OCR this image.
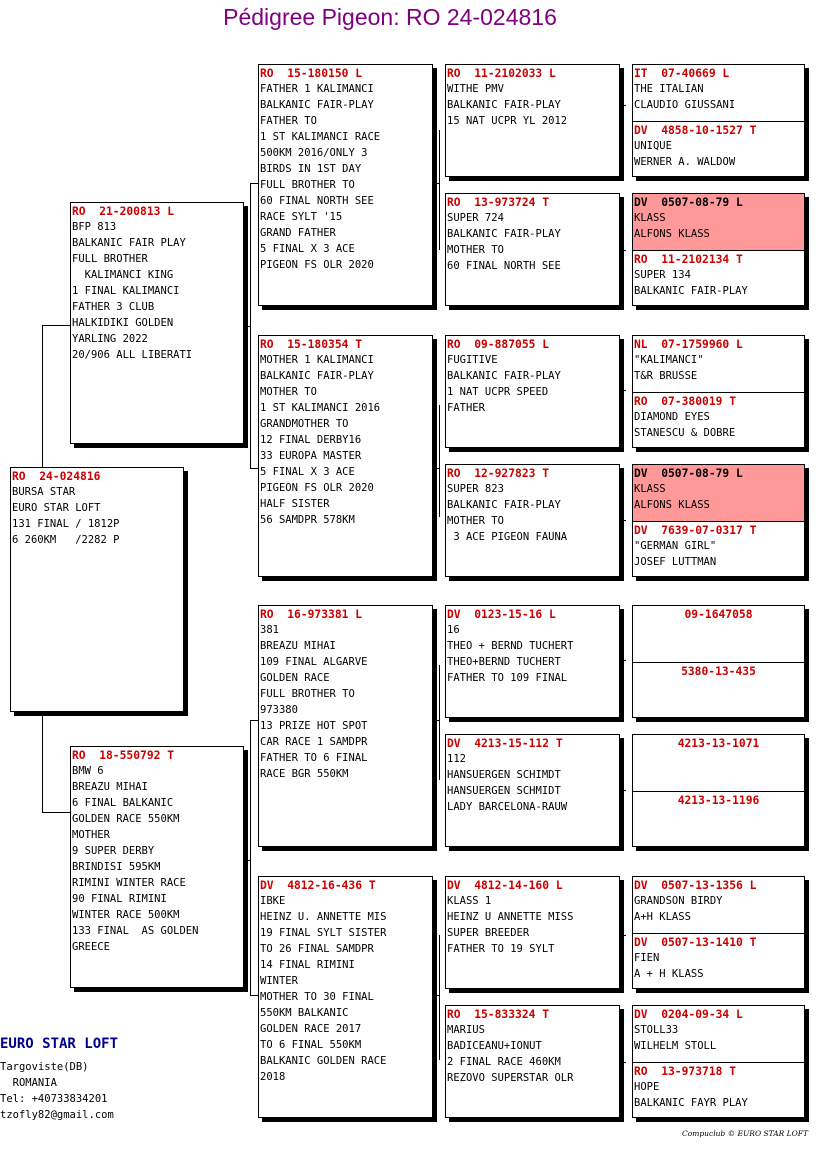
Pédigree Pigeon: RO 24-024816
RO  24-024816
BURSA STAR
EURO STAR LOFT
131 FINAL / 1812P
6 260KM   /2282 P
RO  21-200813 L
BFP 813
BALKANIC FAIR PLAY
FULL BROTHER
KALIMANCI KING
1 FINAL KALIMANCI
FATHER 3 CLUB
HALKIDIKI GOLDEN
YARLING 2022
20/906 ALL LIBERATI
RO  18-550792 T
BMW 6
BREAZU MIHAI
6 FINAL BALKANIC
GOLDEN RACE 550KM
MOTHER
9 SUPER DERBY
BRINDISI 595KM
RIMINI WINTER RACE
90 FINAL RIMINI
WINTER RACE 500KM
133 FINAL  AS GOLDEN
GREECE
RO  15-180150 L
FATHER 1 KALIMANCI
BALKANIC FAIR-PLAY
FATHER TO
1 ST KALIMANCI RACE
500KM 2016/ONLY 3
BIRDS IN 1ST DAY
FULL BROTHER TO
60 FINAL NORTH SEE
RACE SYLT '15
GRAND FATHER
5 FINAL X 3 ACE
PIGEON FS OLR 2020
RO  15-180354 T
MOTHER 1 KALIMANCI
BALKANIC FAIR-PLAY
MOTHER TO
1 ST KALIMANCI 2016
GRANDMOTHER TO
12 FINAL DERBY16
33 EUROPA MASTER
5 FINAL X 3 ACE
PIGEON FS OLR 2020
HALF SISTER
56 SAMDPR 578KM
RO  16-973381 L
381
BREAZU MIHAI
109 FINAL ALGARVE
GOLDEN RACE
FULL BROTHER TO
973380
13 PRIZE HOT SPOT
CAR RACE 1 SAMDPR
FATHER TO 6 FINAL
RACE BGR 550KM
DV  4812-16-436 T
IBKE
HEINZ U. ANNETTE MIS
19 FINAL SYLT SISTER
TO 26 FINAL SAMDPR
14 FINAL RIMINI
WINTER
MOTHER TO 30 FINAL
550KM BALKANIC
GOLDEN RACE 2017
TO 6 FINAL 550KM
BALKANIC GOLDEN RACE
2018
RO  11-2102033 L
WITHE PMV
BALKANIC FAIR-PLAY
15 NAT UCPR YL 2012
RO  13-973724 T
SUPER 724
BALKANIC FAIR-PLAY
MOTHER TO
60 FINAL NORTH SEE
RO  09-887055 L
FUGITIVE
BALKANIC FAIR-PLAY
1 NAT UCPR SPEED
FATHER
RO  12-927823 T
SUPER 823
BALKANIC FAIR-PLAY
MOTHER TO
3 ACE PIGEON FAUNA
DV  0123-15-16 L
16
THEO + BERND TUCHERT
THEO+BERND TUCHERT
FATHER TO 109 FINAL
DV  4213-15-112 T
112
HANSUERGEN SCHIMDT
HANSUERGEN SCHMIDT
LADY BARCELONA-RAUW
DV  4812-14-160 L
KLASS 1
HEINZ U ANNETTE MISS
SUPER BREEDER
FATHER TO 19 SYLT
RO  15-833324 T
MARIUS
BADICEANU+IONUT
2 FINAL RACE 460KM
REZOVO SUPERSTAR OLR
IT  07-40669 L
THE ITALIAN
CLAUDIO GIUSSANI
DV  4858-10-1527 T
UNIQUE
WERNER A. WALDOW
DV  0507-08-79 L
KLASS
ALFONS KLASS
RO  11-2102134 T
SUPER 134
BALKANIC FAIR-PLAY
NL  07-1759960 L
"KALIMANCI"
T&R BRUSSE
RO  07-380019 T
DIAMOND EYES
STANESCU & DOBRE
DV  0507-08-79 L
KLASS
ALFONS KLASS
DV  7639-07-0317 T
"GERMAN GIRL"
JOSEF LUTTMAN
09-1647058
5380-13-435
4213-13-1071
4213-13-1196
DV  0507-13-1356 L
GRANDSON BIRDY
A+H KLASS
DV  0507-13-1410 T
FIEN
A + H KLASS
DV  0204-09-34 L
STOLL33
WILHELM STOLL
RO  13-973718 T
HOPE
BALKANIC FAYR PLAY
EURO STAR LOFT
Targoviste(DB)
ROMANIA
Tel: +40733834201
tzofly82@gmail.com
Compuclub © EURO STAR LOFT
